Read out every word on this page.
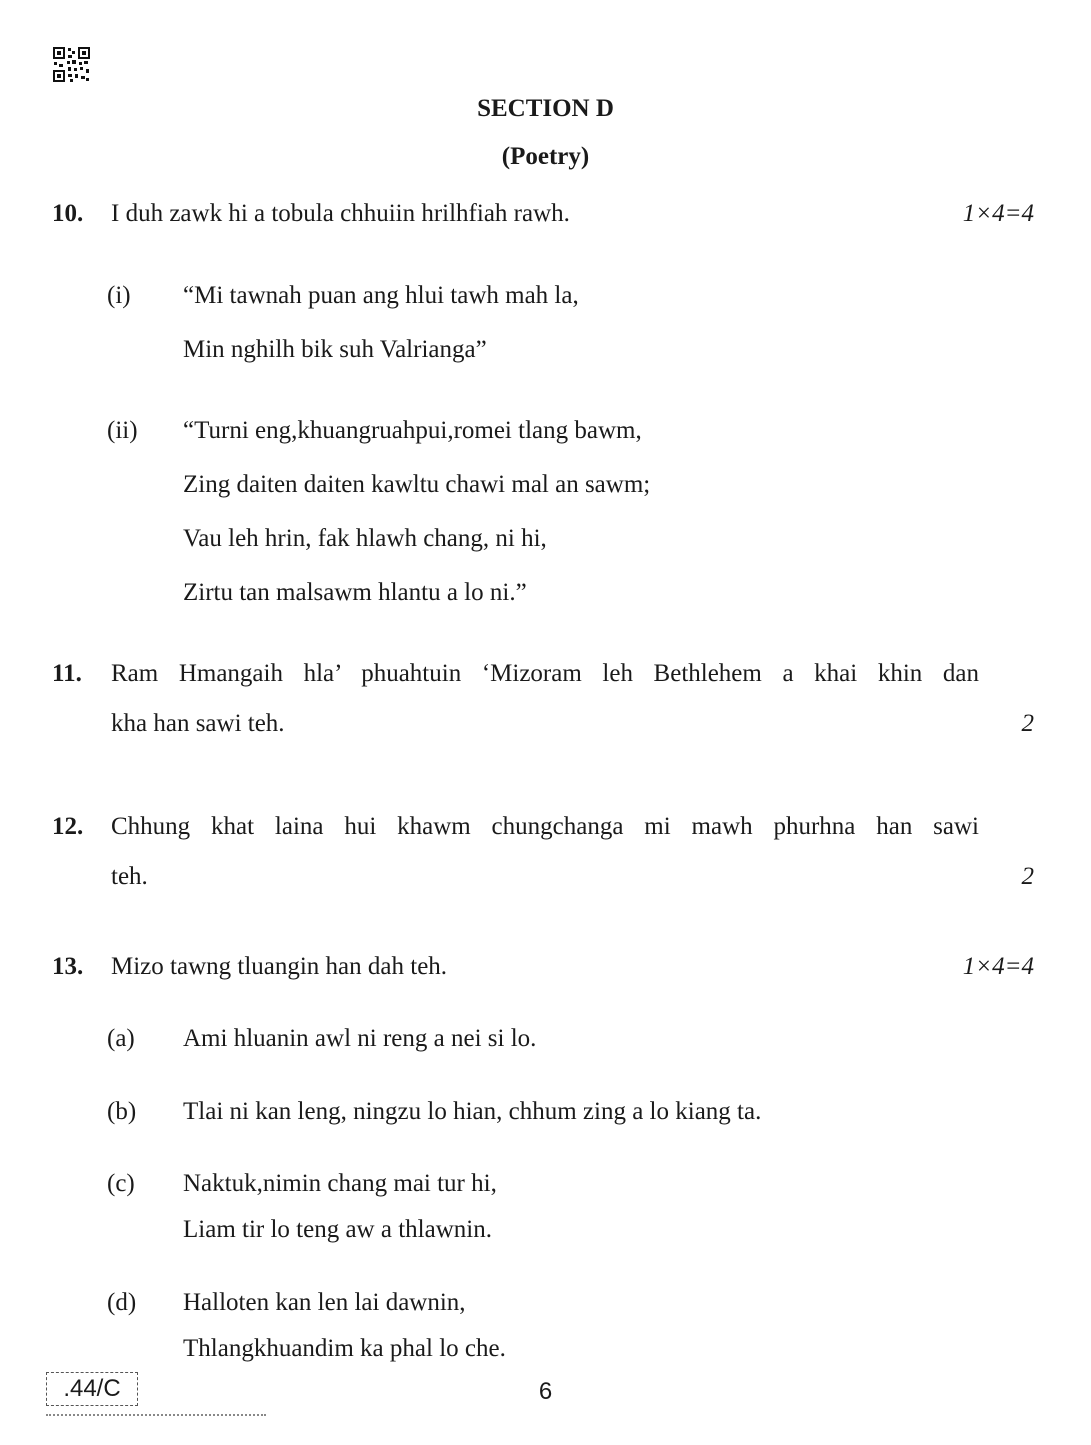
SECTION D
(Poetry)
10. I duh zawk hi a tobula chhuiin hrilhfiah rawh.	1×4=4
(i) “Mi tawnah puan ang hlui tawh mah la,
Min nghilh bik suh Valrianga”
(ii) “Turni eng,khuangruahpui,romei tlang bawm,
Zing daiten daiten kawltu chawi mal an sawm;
Vau leh hrin, fak hlawh chang, ni hi,
Zirtu tan malsawm hlantu a lo ni.”
11. Ram Hmangaih hla’ phuahtuin ‘Mizoram leh Bethlehem a khai khin dan
kha han sawi teh.	2
12. Chhung khat laina hui khawm chungchanga mi mawh phurhna han sawi
teh.	2
13. Mizo tawng tluangin han dah teh.	1×4=4
(a) Ami hluanin awl ni reng a nei si lo.
(b) Tlai ni kan leng, ningzu lo hian, chhum zing a lo kiang ta.
(c) Naktuk,nimin chang mai tur hi,
Liam tir lo teng aw a thlawnin.
(d) Halloten kan len lai dawnin,
Thlangkhuandim ka phal lo che.
.44/C	6
